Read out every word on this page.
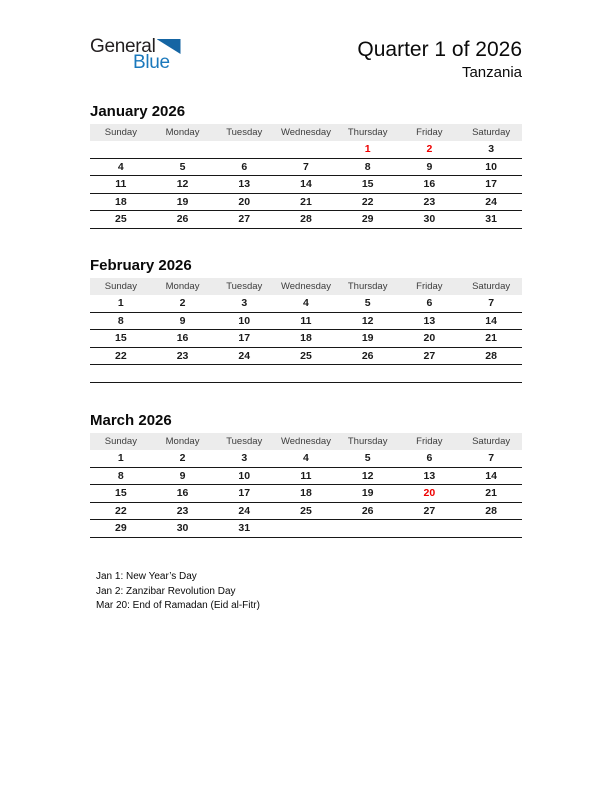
General
Blue
Quarter 1 of 2026
Tanzania
January 2026
Sunday	Monday	Tuesday	Wednesday	Thursday	Friday	Saturday
				1	2	3
4	5	6	7	8	9	10
11	12	13	14	15	16	17
18	19	20	21	22	23	24
25	26	27	28	29	30	31
February 2026
Sunday	Monday	Tuesday	Wednesday	Thursday	Friday	Saturday
1	2	3	4	5	6	7
8	9	10	11	12	13	14
15	16	17	18	19	20	21
22	23	24	25	26	27	28

March 2026
Sunday	Monday	Tuesday	Wednesday	Thursday	Friday	Saturday
1	2	3	4	5	6	7
8	9	10	11	12	13	14
15	16	17	18	19	20	21
22	23	24	25	26	27	28
29	30	31				
Jan 1: New Year’s Day
Jan 2: Zanzibar Revolution Day
Mar 20: End of Ramadan (Eid al-Fitr)
